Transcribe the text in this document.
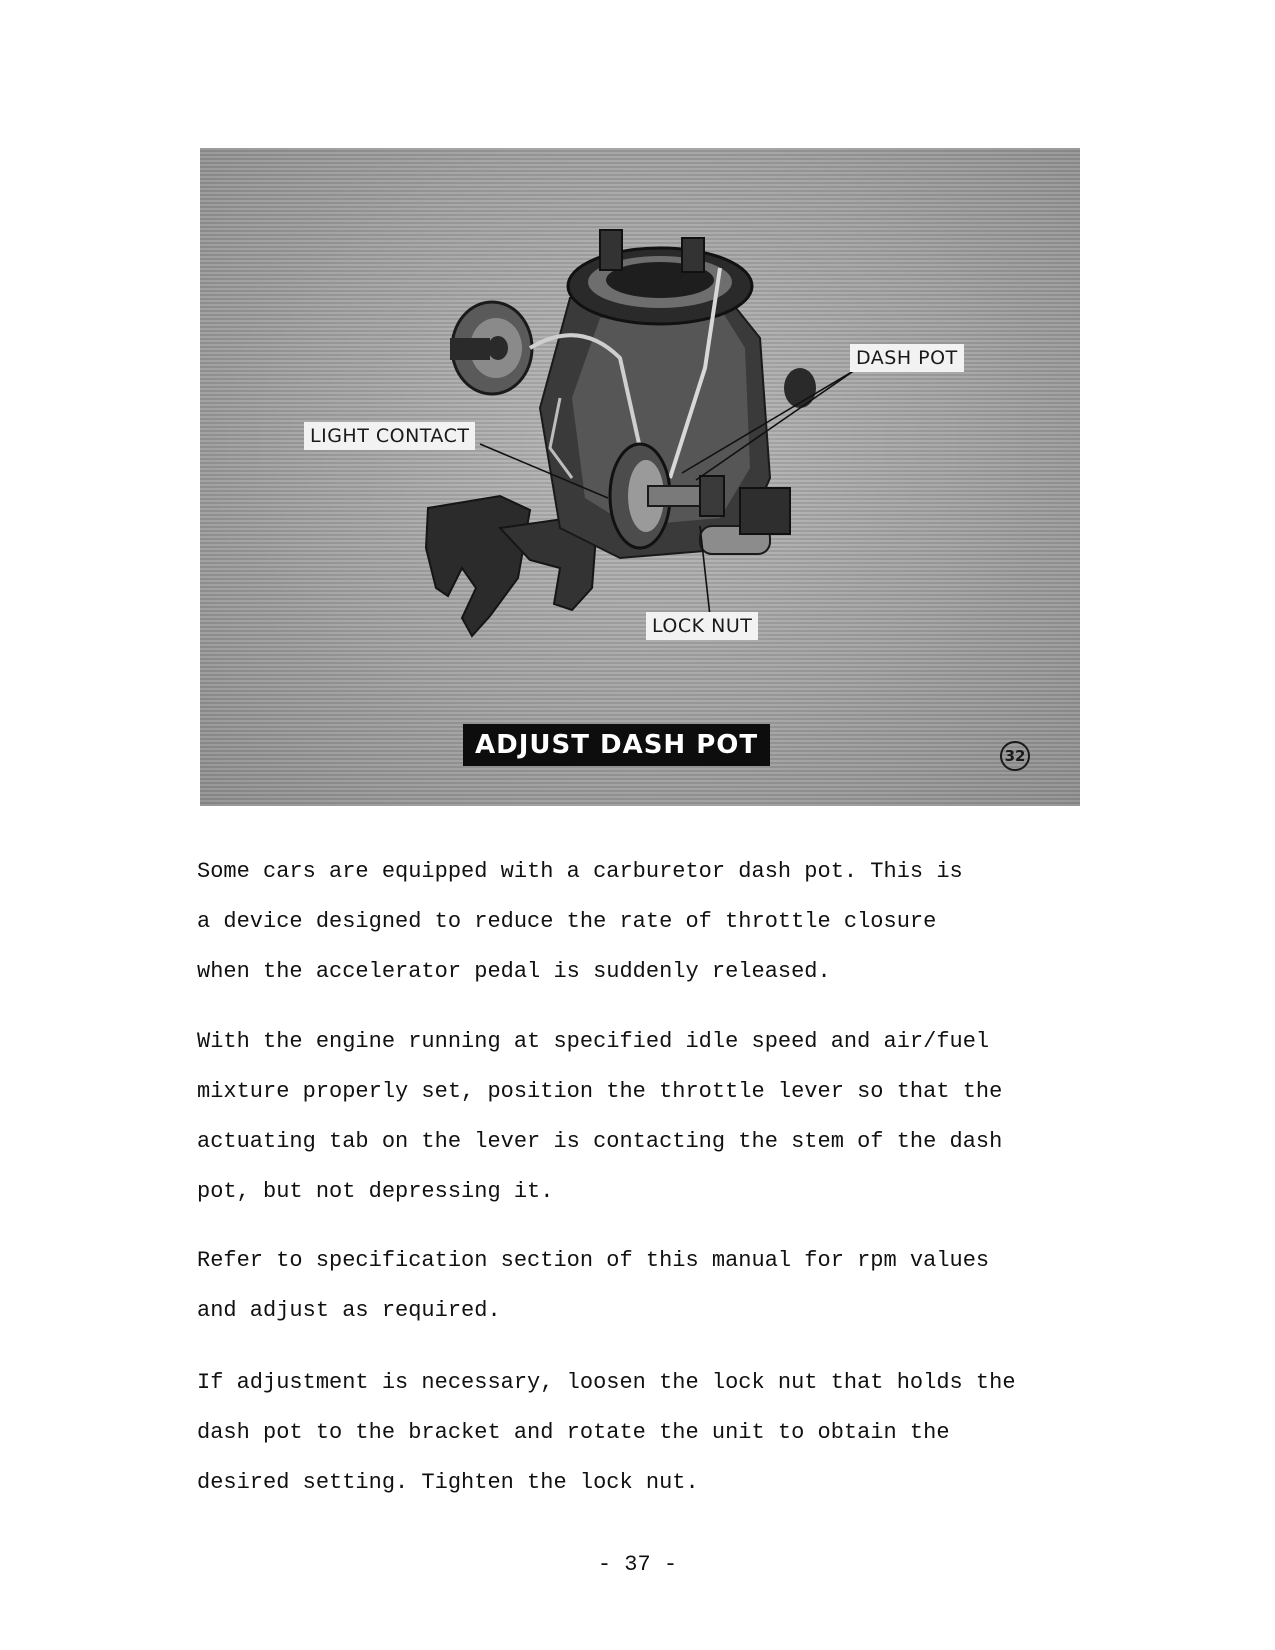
DASH POT
LIGHT CONTACT
LOCK NUT
ADJUST DASH POT	32

Some cars are equipped with a carburetor dash pot. This is
a device designed to reduce the rate of throttle closure
when the accelerator pedal is suddenly released.

With the engine running at specified idle speed and air/fuel
mixture properly set, position the throttle lever so that the
actuating tab on the lever is contacting the stem of the dash
pot, but not depressing it.

Refer to specification section of this manual for rpm values
and adjust as required.

If adjustment is necessary, loosen the lock nut that holds the
dash pot to the bracket and rotate the unit to obtain the
desired setting. Tighten the lock nut.

- 37 -
